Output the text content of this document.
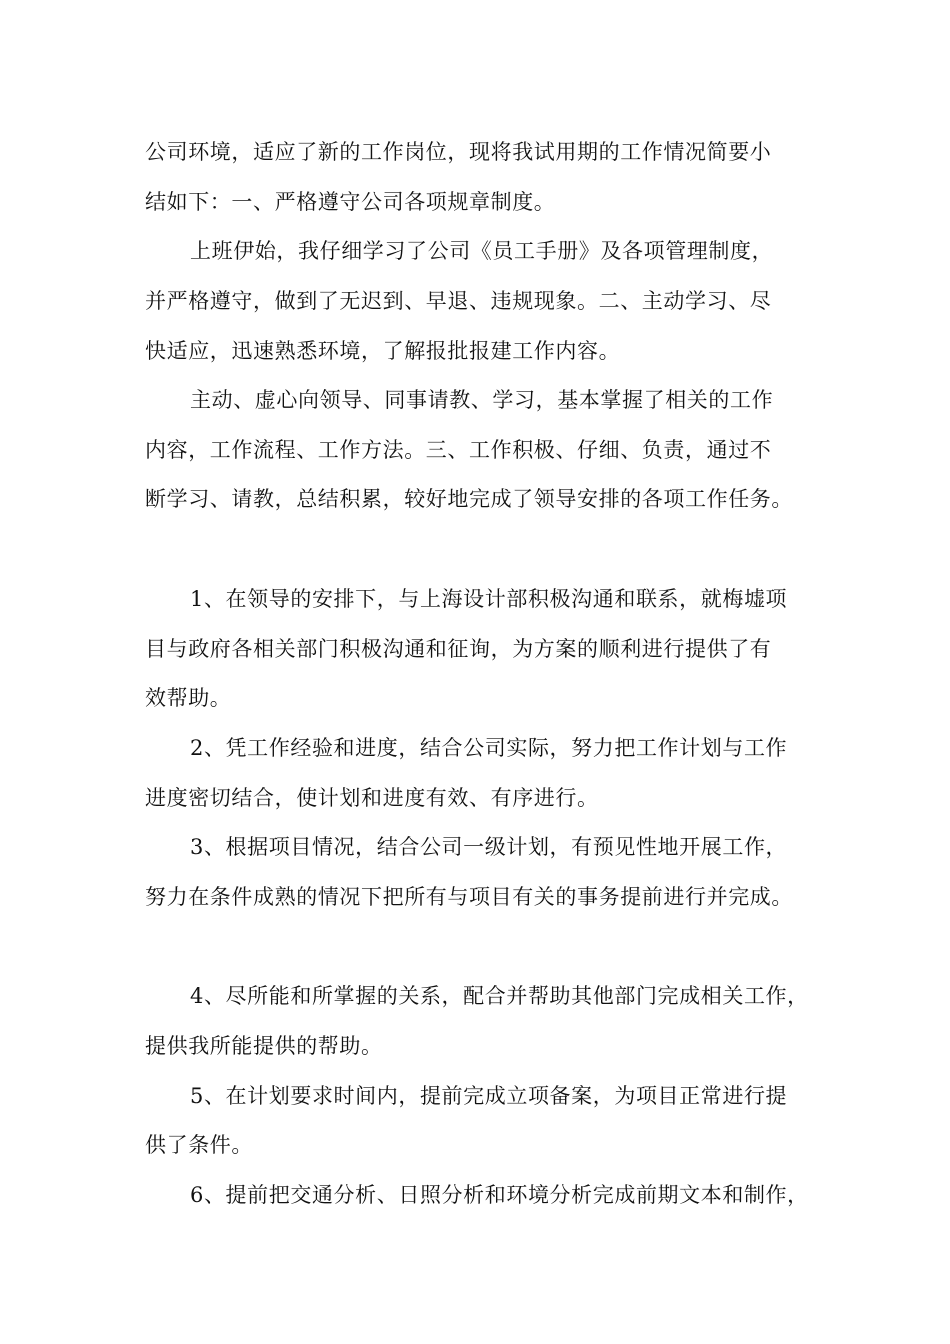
公司环境，适应了新的工作岗位，现将我试用期的工作情况简要小
结如下：一、严格遵守公司各项规章制度。
上班伊始，我仔细学习了公司《员工手册》及各项管理制度，
并严格遵守，做到了无迟到、早退、违规现象。二、主动学习、尽
快适应，迅速熟悉环境，了解报批报建工作内容。
主动、虚心向领导、同事请教、学习，基本掌握了相关的工作
内容，工作流程、工作方法。三、工作积极、仔细、负责，通过不
断学习、请教，总结积累，较好地完成了领导安排的各项工作任务。
1、在领导的安排下，与上海设计部积极沟通和联系，就梅墟项
目与政府各相关部门积极沟通和征询，为方案的顺利进行提供了有
效帮助。
2、凭工作经验和进度，结合公司实际，努力把工作计划与工作
进度密切结合，使计划和进度有效、有序进行。
3、根据项目情况，结合公司一级计划，有预见性地开展工作，
努力在条件成熟的情况下把所有与项目有关的事务提前进行并完成。
4、尽所能和所掌握的关系，配合并帮助其他部门完成相关工作，
提供我所能提供的帮助。
5、在计划要求时间内，提前完成立项备案，为项目正常进行提
供了条件。
6、提前把交通分析、日照分析和环境分析完成前期文本和制作，
